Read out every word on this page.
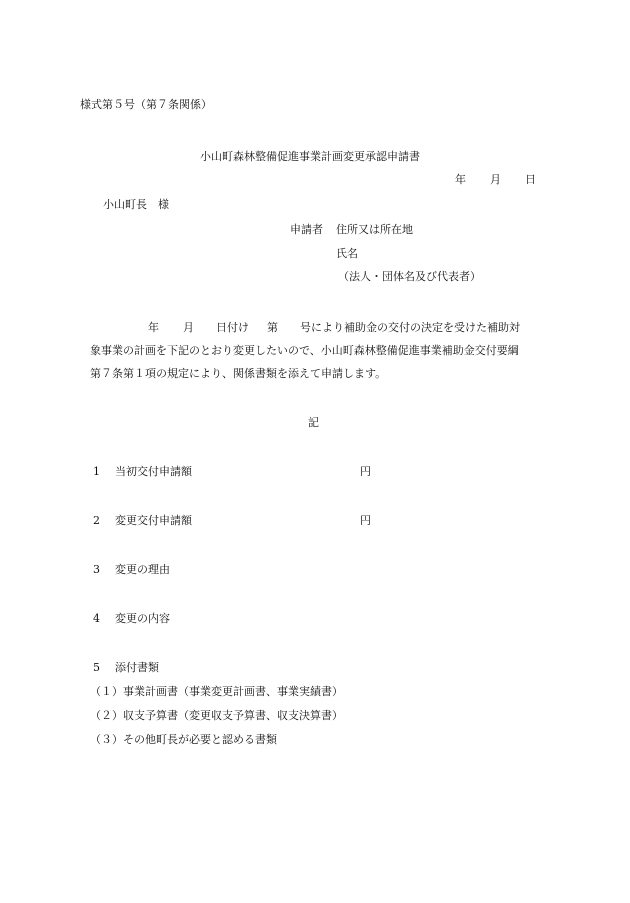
様式第５号（第７条関係）
小山町森林整備促進事業計画変更承認申請書
年 月 日
小山町長　様
申請者 住所又は所在地
氏名
（法人・団体名及び代表者）
年 月 日付け 第 号により補助金の交付の決定を受けた補助対
象事業の計画を下記のとおり変更したいので、小山町森林整備促進事業補助金交付要綱
第７条第１項の規定により、関係書類を添えて申請します。
記
1 当初交付申請額	円
2 変更交付申請額	円
3 変更の理由
4 変更の内容
5 添付書類
（１）事業計画書（事業変更計画書、事業実績書）
（２）収支予算書（変更収支予算書、収支決算書）
（３）その他町長が必要と認める書類
